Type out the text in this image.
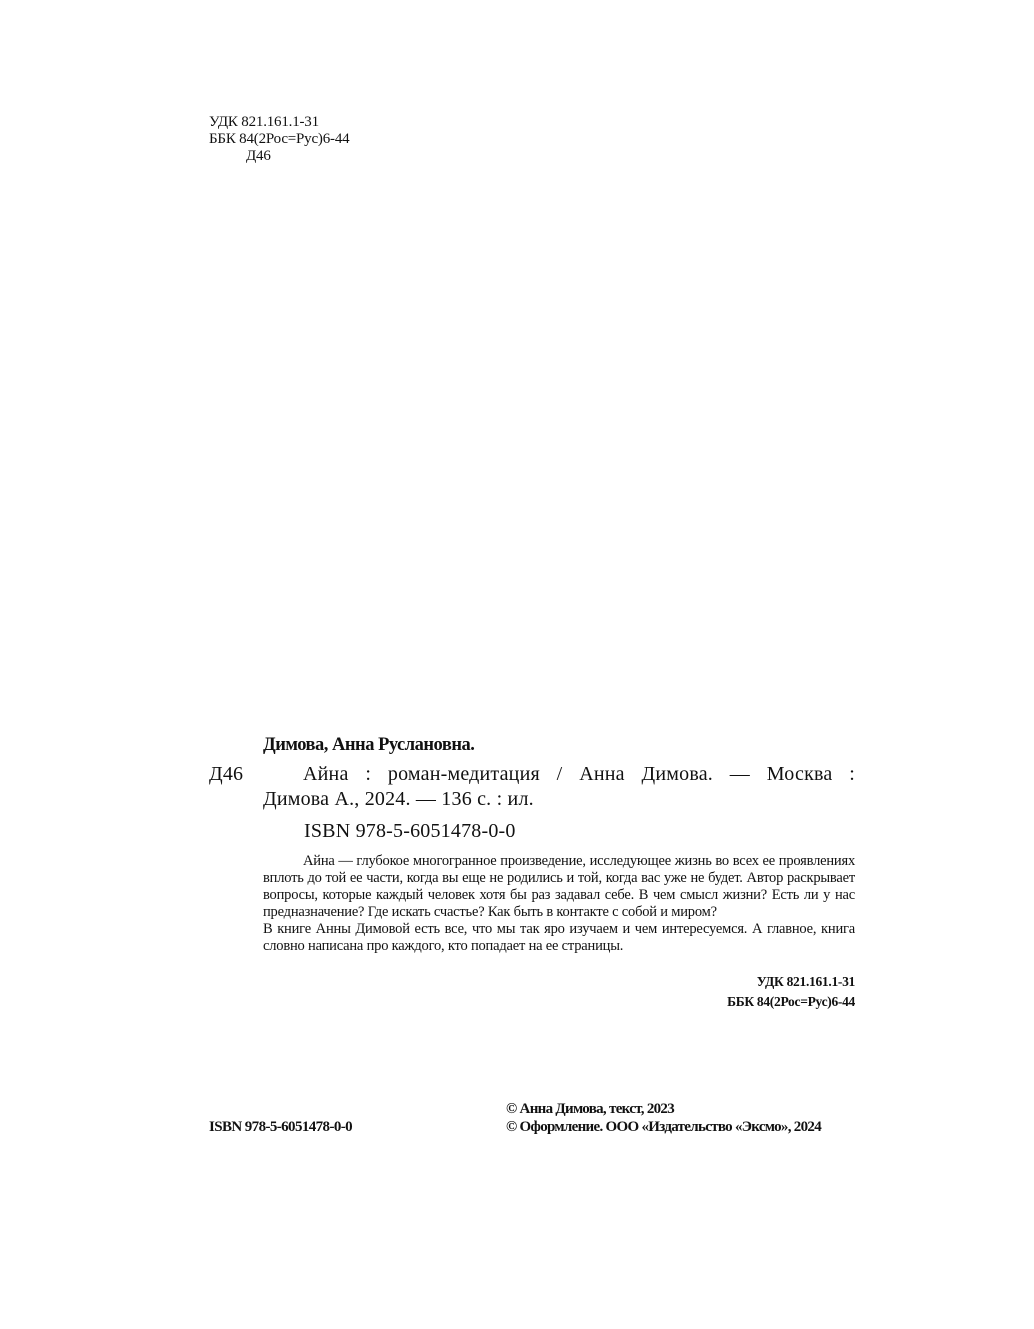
УДК 821.161.1-31
ББК 84(2Рос=Рус)6-44
Д46
Димова, Анна Руслановна.
Д46	Айна : роман-медитация / Анна Димова. — Москва :
Димова А., 2024. — 136 с. : ил.
ISBN 978-5-6051478-0-0

Айна — глубокое многогранное произведение, исследующее жизнь во всех ее проявлениях вплоть до той ее части, когда вы еще не родились и той, когда вас уже не будет. Автор раскрывает вопросы, которые каждый человек хотя бы раз задавал себе. В чем смысл жизни? Есть ли у нас предназначение? Где искать счастье? Как быть в контакте с собой и миром?

В книге Анны Димовой есть все, что мы так яро изучаем и чем интересуемся. А главное, книга словно написана про каждого, кто попадает на ее страницы.

УДК 821.161.1-31
ББК 84(2Рос=Рус)6-44
ISBN 978-5-6051478-0-0
© Анна Димова, текст, 2023
© Оформление. ООО «Издательство «Эксмо», 2024
